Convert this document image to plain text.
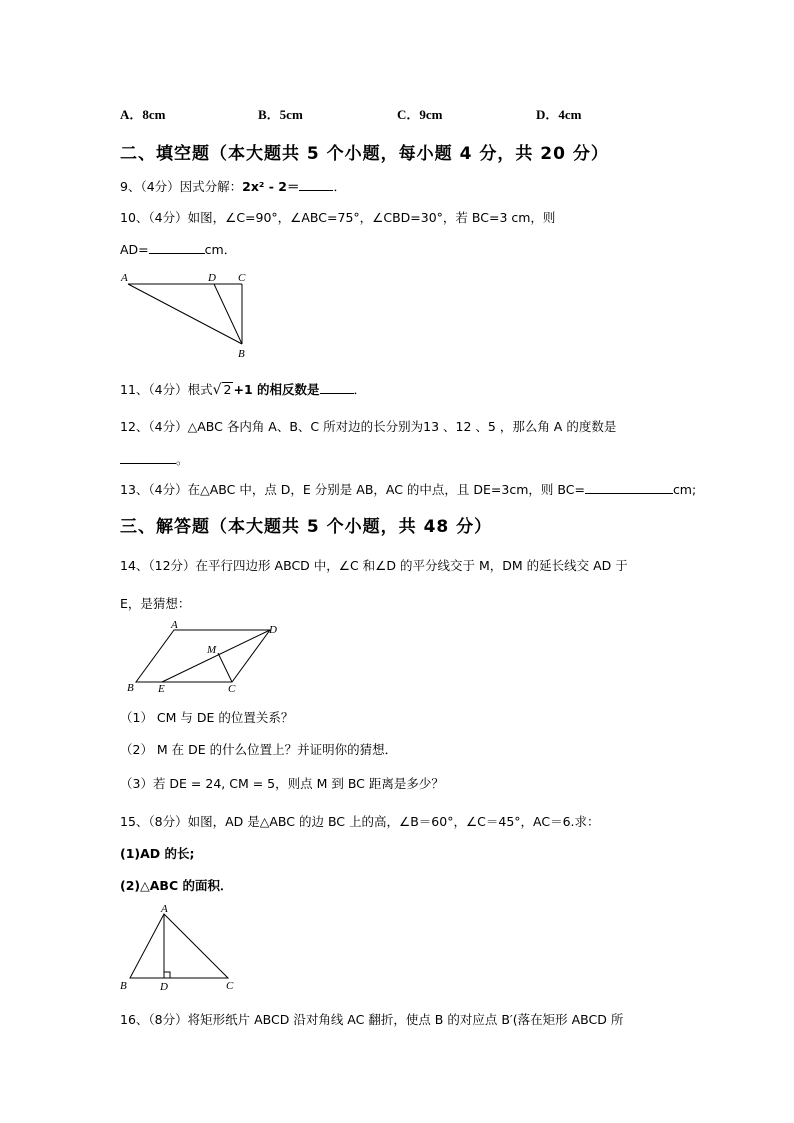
A．8cm	B．5cm	C．9cm	D．4cm
二、填空题（本大题共 5 个小题，每小题 4 分，共 20 分）
9、（4分）因式分解：2x² - 2＝	．
10、（4分）如图，∠C=90°，∠ABC=75°，∠CBD=30°，若 BC=3 cm，则
AD=	cm．
A	D C
B
11、（4分）根式√ 2 +1 的相反数是	．
12、（4分）△ABC 各内角 A、B、C 所对边的长分别为13 、12 、5 ，那么角 A 的度数是
。
13、（4分）在△ABC 中，点 D，E 分别是 AB，AC 的中点，且 DE=3cm，则 BC=	cm;
三、解答题（本大题共 5 个小题，共 48 分）
14、（12分）在平行四边形 ABCD 中，∠C 和∠D 的平分线交于 M，DM 的延长线交 AD 于
E，是猜想：
A	D
M
B E	C
（1） CM 与 DE 的位置关系？
（2） M 在 DE 的什么位置上？并证明你的猜想．
（3）若 DE = 24, CM = 5，则点 M 到 BC 距离是多少？
15、（8分）如图，AD 是△ABC 的边 BC 上的高，∠B＝60°，∠C＝45°，AC＝6.求：
(1)AD 的长;
(2)△ABC 的面积．
A
B	D	C
16、（8分）将矩形纸片 ABCD 沿对角线 AC 翻折，使点 B 的对应点 B′(落在矩形 ABCD 所
